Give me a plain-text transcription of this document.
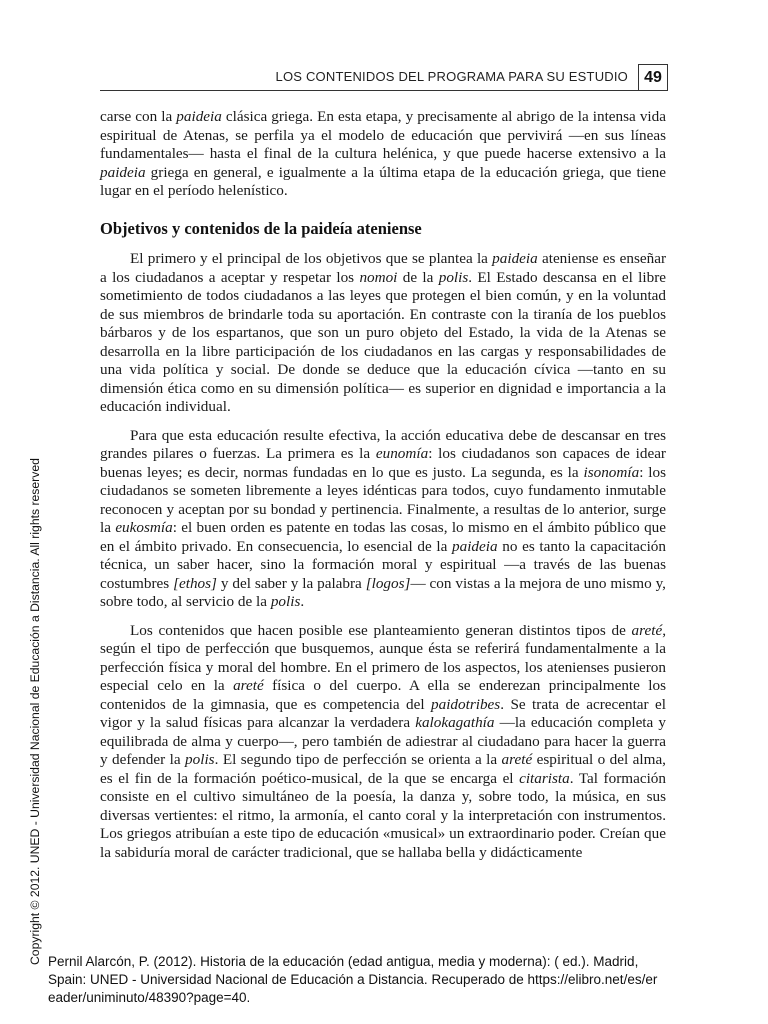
Copyright © 2012. UNED - Universidad Nacional de Educación a Distancia. All rights reserved
LOS CONTENIDOS DEL PROGRAMA PARA SU ESTUDIO	49

carse con la paideia clásica griega. En esta etapa, y precisamente al abrigo de la intensa vida espiritual de Atenas, se perfila ya el modelo de educación que pervivirá —en sus líneas fundamentales— hasta el final de la cultura helénica, y que puede hacerse extensivo a la paideia griega en general, e igualmente a la última etapa de la educación griega, que tiene lugar en el período helenístico.

Objetivos y contenidos de la paideía ateniense

El primero y el principal de los objetivos que se plantea la paideia ateniense es enseñar a los ciudadanos a aceptar y respetar los nomoi de la polis. El Estado descansa en el libre sometimiento de todos ciudadanos a las leyes que protegen el bien común, y en la voluntad de sus miembros de brindarle toda su aportación. En contraste con la tiranía de los pueblos bárbaros y de los espartanos, que son un puro objeto del Estado, la vida de la Atenas se desarrolla en la libre participación de los ciudadanos en las cargas y responsabilidades de una vida política y social. De donde se deduce que la educación cívica —tanto en su dimensión ética como en su dimensión política— es superior en dignidad e importancia a la educación individual.

Para que esta educación resulte efectiva, la acción educativa debe de descansar en tres grandes pilares o fuerzas. La primera es la eunomía: los ciudadanos son capaces de idear buenas leyes; es decir, normas fundadas en lo que es justo. La segunda, es la isonomía: los ciudadanos se someten libremente a leyes idénticas para todos, cuyo fundamento inmutable reconocen y aceptan por su bondad y pertinencia. Finalmente, a resultas de lo anterior, surge la eukosmía: el buen orden es patente en todas las cosas, lo mismo en el ámbito público que en el ámbito privado. En consecuencia, lo esencial de la paideia no es tanto la capacitación técnica, un saber hacer, sino la formación moral y espiritual —a través de las buenas costumbres [ethos] y del saber y la palabra [logos]— con vistas a la mejora de uno mismo y, sobre todo, al servicio de la polis.

Los contenidos que hacen posible ese planteamiento generan distintos tipos de areté, según el tipo de perfección que busquemos, aunque ésta se referirá fundamentalmente a la perfección física y moral del hombre. En el primero de los aspectos, los atenienses pusieron especial celo en la areté física o del cuerpo. A ella se enderezan principalmente los contenidos de la gimnasia, que es competencia del paidotribes. Se trata de acrecentar el vigor y la salud físicas para alcanzar la verdadera kalokagathía —la educación completa y equilibrada de alma y cuerpo—, pero también de adiestrar al ciudadano para hacer la guerra y defender la polis. El segundo tipo de perfección se orienta a la areté espiritual o del alma, es el fin de la formación poético-musical, de la que se encarga el citarista. Tal formación consiste en el cultivo simultáneo de la poesía, la danza y, sobre todo, la música, en sus diversas vertientes: el ritmo, la armonía, el canto coral y la interpretación con instrumentos. Los griegos atribuían a este tipo de educación «musical» un extraordinario poder. Creían que la sabiduría moral de carácter tradicional, que se hallaba bella y didácticamente

Pernil Alarcón, P. (2012). Historia de la educación (edad antigua, media y moderna): ( ed.). Madrid,
Spain: UNED - Universidad Nacional de Educación a Distancia. Recuperado de https://elibro.net/es/er
eader/uniminuto/48390?page=40.
